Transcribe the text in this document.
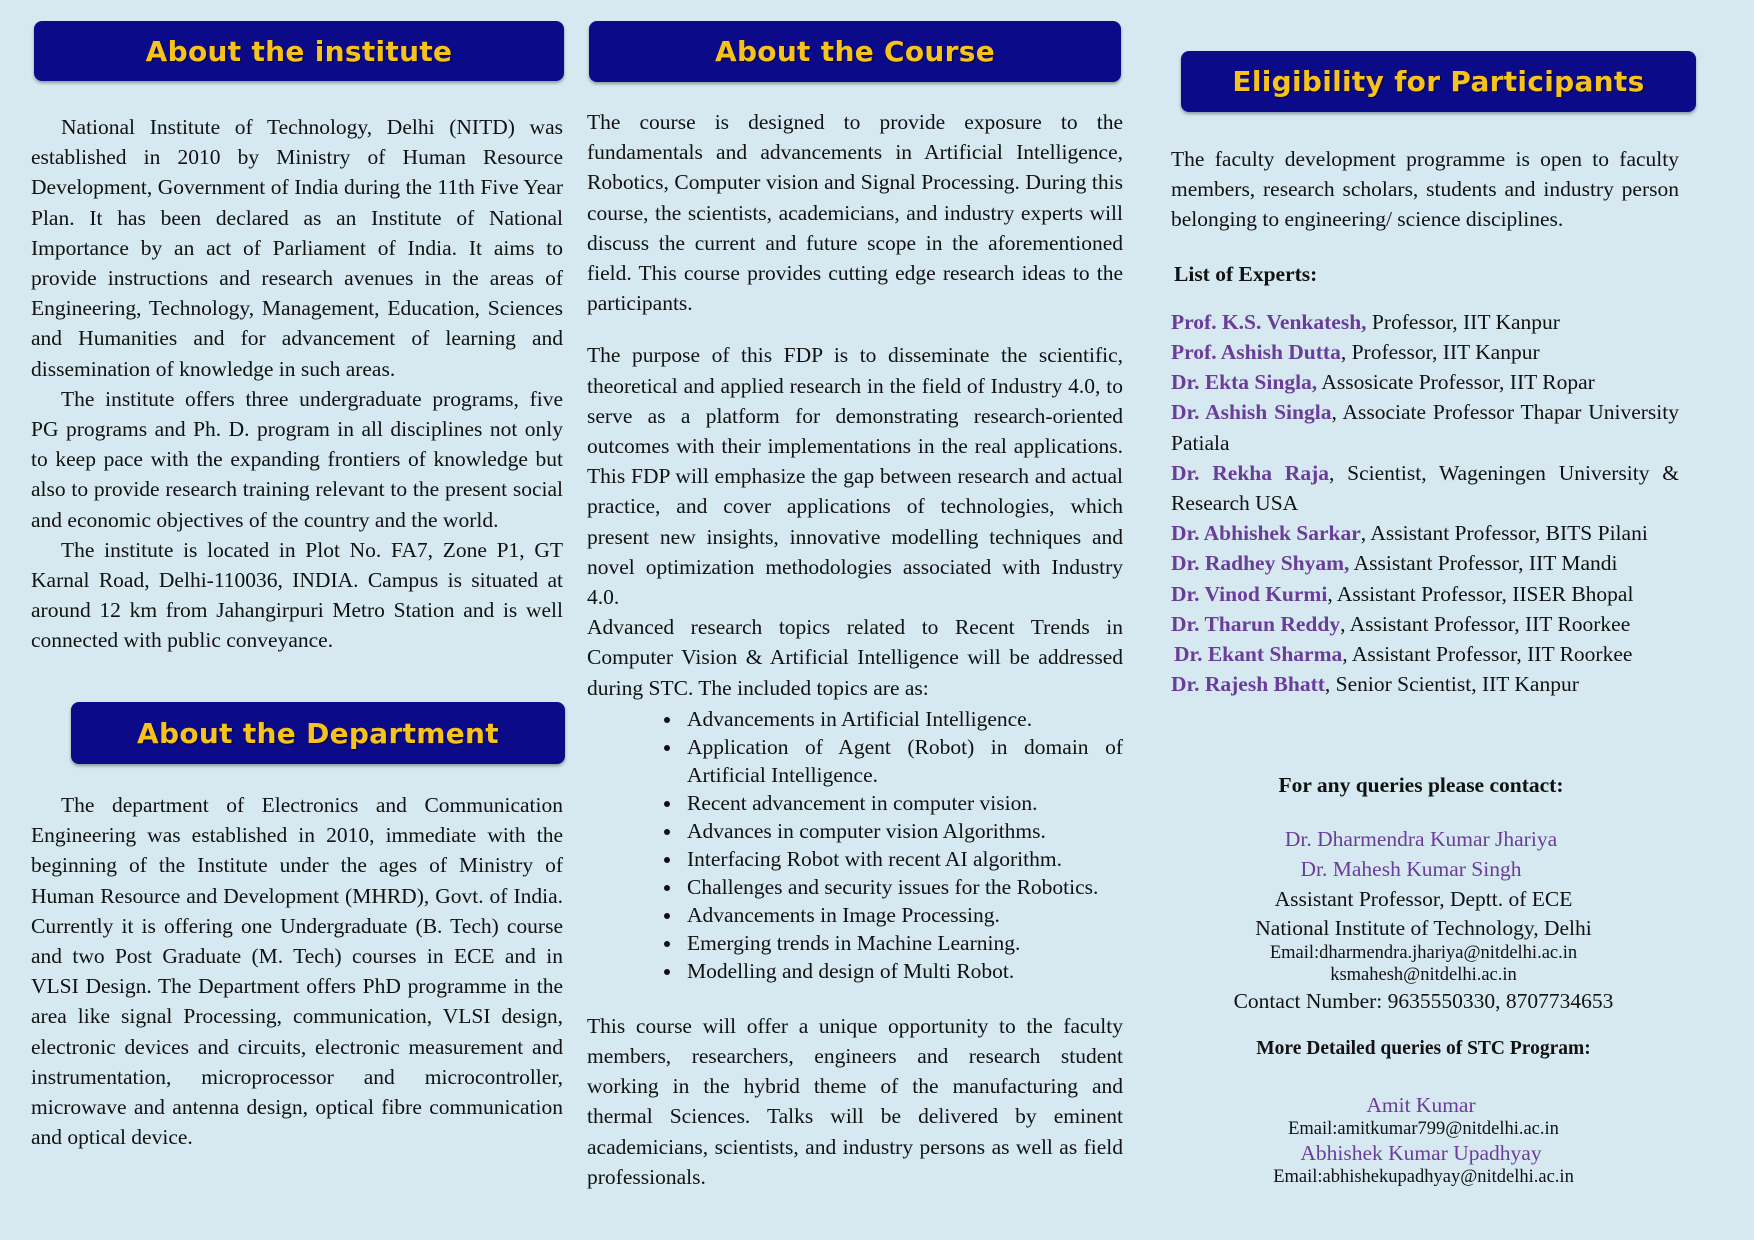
About the institute	About the Course
Eligibility for Participants
About the Department

National Institute of Technology, Delhi (NITD) was established in 2010 by Ministry of Human Resource Development, Government of India during the 11th Five Year Plan. It has been declared as an Institute of National Importance by an act of Parliament of India. It aims to provide instructions and research avenues in the areas of Engineering, Technology, Management, Education, Sciences and Humanities and for advancement of learning and dissemination of knowledge in such areas.

The institute offers three undergraduate programs, five PG programs and Ph. D. program in all disciplines not only to keep pace with the expanding frontiers of knowledge but also to provide research training relevant to the present social and economic objectives of the country and the world.

The institute is located in Plot No. FA7, Zone P1, GT Karnal Road, Delhi-110036, INDIA. Campus is situated at around 12 km from Jahangirpuri Metro Station and is well connected with public conveyance.

The department of Electronics and Communication Engineering was established in 2010, immediate with the beginning of the Institute under the ages of Ministry of Human Resource and Development (MHRD), Govt. of India. Currently it is offering one Undergraduate (B. Tech) course and two Post Graduate (M. Tech) courses in ECE and in VLSI Design. The Department offers PhD programme in the area like signal Processing, communication, VLSI design, electronic devices and circuits, electronic measurement and instrumentation, microprocessor and microcontroller, microwave and antenna design, optical fibre communication and optical device.

The course is designed to provide exposure to the fundamentals and advancements in Artificial Intelligence, Robotics, Computer vision and Signal Processing. During this course, the scientists, academicians, and industry experts will discuss the current and future scope in the aforementioned field. This course provides cutting edge research ideas to the participants.

The purpose of this FDP is to disseminate the scientific, theoretical and applied research in the field of Industry 4.0, to serve as a platform for demonstrating research-oriented outcomes with their implementations in the real applications. This FDP will emphasize the gap between research and actual practice, and cover applications of technologies, which present new insights, innovative modelling techniques and novel optimization methodologies associated with Industry 4.0.

Advanced research topics related to Recent Trends in Computer Vision & Artificial Intelligence will be addressed during STC. The included topics are as:

• Advancements in Artificial Intelligence.
• Application of Agent (Robot) in domain of Artificial Intelligence.
• Recent advancement in computer vision.
• Advances in computer vision Algorithms.
• Interfacing Robot with recent AI algorithm.
• Challenges and security issues for the Robotics.
• Advancements in Image Processing.
• Emerging trends in Machine Learning.
• Modelling and design of Multi Robot.

This course will offer a unique opportunity to the faculty members, researchers, engineers and research student working in the hybrid theme of the manufacturing and thermal Sciences. Talks will be delivered by eminent academicians, scientists, and industry persons as well as field professionals.

The faculty development programme is open to faculty members, research scholars, students and industry person belonging to engineering/ science disciplines.

List of Experts:

Prof. K.S. Venkatesh, Professor, IIT Kanpur

Prof. Ashish Dutta, Professor, IIT Kanpur

Dr. Ekta Singla, Assosicate Professor, IIT Ropar

Dr. Ashish Singla, Associate Professor Thapar University Patiala

Dr. Rekha Raja, Scientist, Wageningen University & Research USA

Dr. Abhishek Sarkar, Assistant Professor, BITS Pilani

Dr. Radhey Shyam, Assistant Professor, IIT Mandi

Dr. Vinod Kurmi, Assistant Professor, IISER Bhopal

Dr. Tharun Reddy, Assistant Professor, IIT Roorkee

Dr. Ekant Sharma, Assistant Professor, IIT Roorkee

Dr. Rajesh Bhatt, Senior Scientist, IIT Kanpur

For any queries please contact:
Dr. Dharmendra Kumar Jhariya
Dr. Mahesh Kumar Singh
Assistant Professor, Deptt. of ECE
National Institute of Technology, Delhi
Email:dharmendra.jhariya@nitdelhi.ac.in
ksmahesh@nitdelhi.ac.in
Contact Number: 9635550330, 8707734653
More Detailed queries of STC Program:
Amit Kumar
Email:amitkumar799@nitdelhi.ac.in
Abhishek Kumar Upadhyay
Email:abhishekupadhyay@nitdelhi.ac.in
